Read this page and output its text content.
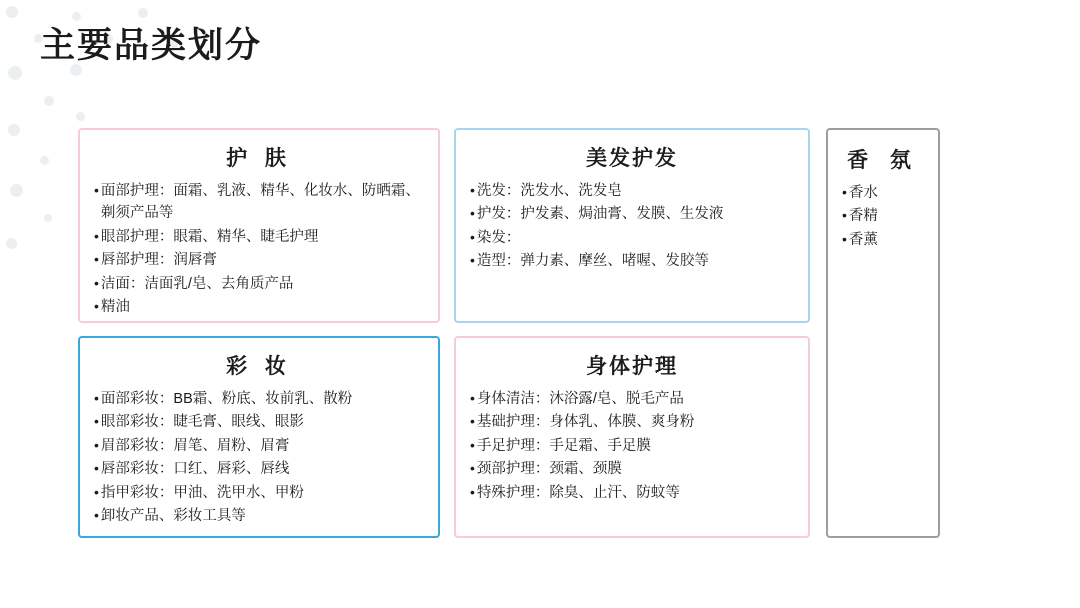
主要品类划分
护 肤
• 面部护理：面霜、乳液、精华、化妆水、防晒霜、剃须产品等
• 眼部护理：眼霜、精华、睫毛护理
• 唇部护理：润唇膏
• 洁面：洁面乳/皂、去角质产品
• 精油
美发护发
• 洗发：洗发水、洗发皂
• 护发：护发素、焗油膏、发膜、生发液
• 染发：
• 造型：弹力素、摩丝、啫喔、发胶等
香 氛
• 香水
• 香精
• 香薰
彩 妆
• 面部彩妆：BB霜、粉底、妆前乳、散粉
• 眼部彩妆：睫毛膏、眼线、眼影
• 眉部彩妆：眉笔、眉粉、眉膏
• 唇部彩妆：口红、唇彩、唇线
• 指甲彩妆：甲油、洗甲水、甲粉
• 卸妆产品、彩妆工具等
身体护理
• 身体清洁：沐浴露/皂、脱毛产品
• 基础护理：身体乳、体膜、爽身粉
• 手足护理：手足霜、手足膜
• 颈部护理：颈霜、颈膜
• 特殊护理：除臭、止汗、防蚊等
